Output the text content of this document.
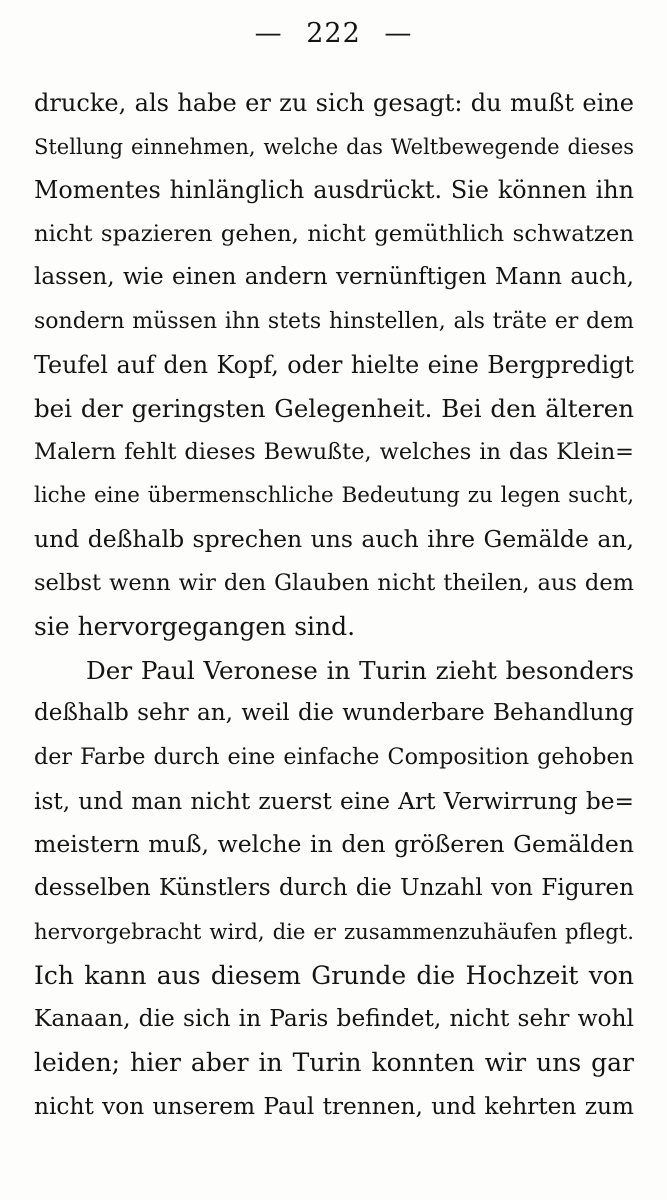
— 222 —
drucke, als habe er zu sich gesagt: du mußt eine
Stellung einnehmen, welche das Weltbewegende dieses
Momentes hinlänglich ausdrückt. Sie können ihn
nicht spazieren gehen, nicht gemüthlich schwatzen
lassen, wie einen andern vernünftigen Mann auch,
sondern müssen ihn stets hinstellen, als träte er dem
Teufel auf den Kopf, oder hielte eine Bergpredigt
bei der geringsten Gelegenheit. Bei den älteren
Malern fehlt dieses Bewußte, welches in das Klein=
liche eine übermenschliche Bedeutung zu legen sucht,
und deßhalb sprechen uns auch ihre Gemälde an,
selbst wenn wir den Glauben nicht theilen, aus dem
sie hervorgegangen sind.
Der Paul Veronese in Turin zieht besonders
deßhalb sehr an, weil die wunderbare Behandlung
der Farbe durch eine einfache Composition gehoben
ist, und man nicht zuerst eine Art Verwirrung be=
meistern muß, welche in den größeren Gemälden
desselben Künstlers durch die Unzahl von Figuren
hervorgebracht wird, die er zusammenzuhäufen pflegt.
Ich kann aus diesem Grunde die Hochzeit von
Kanaan, die sich in Paris befindet, nicht sehr wohl
leiden; hier aber in Turin konnten wir uns gar
nicht von unserem Paul trennen, und kehrten zum
